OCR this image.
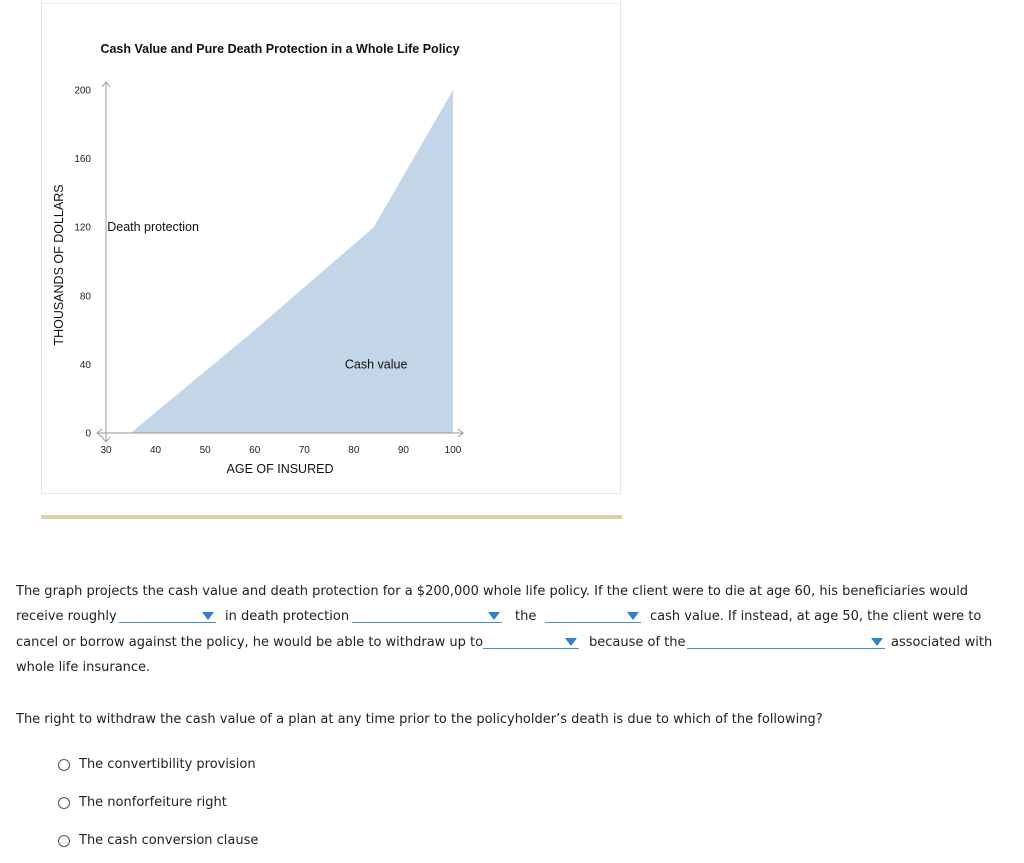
Cash Value and Pure Death Protection in a Whole Life Policy
THOUSANDS OF DOLLARS
AGE OF INSURED
0
40
80
120
160
200
30	40	50	60	70	80	90	100
Death protection
Cash value
The graph projects the cash value and death protection for a $200,000 whole life policy. If the client were to die at age 60, his beneficiaries would
receive roughly	in death protection	the	cash value. If instead, at age 50, the client were to
cancel or borrow against the policy, he would be able to withdraw up to	because of the	associated with
whole life insurance.
The right to withdraw the cash value of a plan at any time prior to the policyholder’s death is due to which of the following?
The convertibility provision
The nonforfeiture right
The cash conversion clause
